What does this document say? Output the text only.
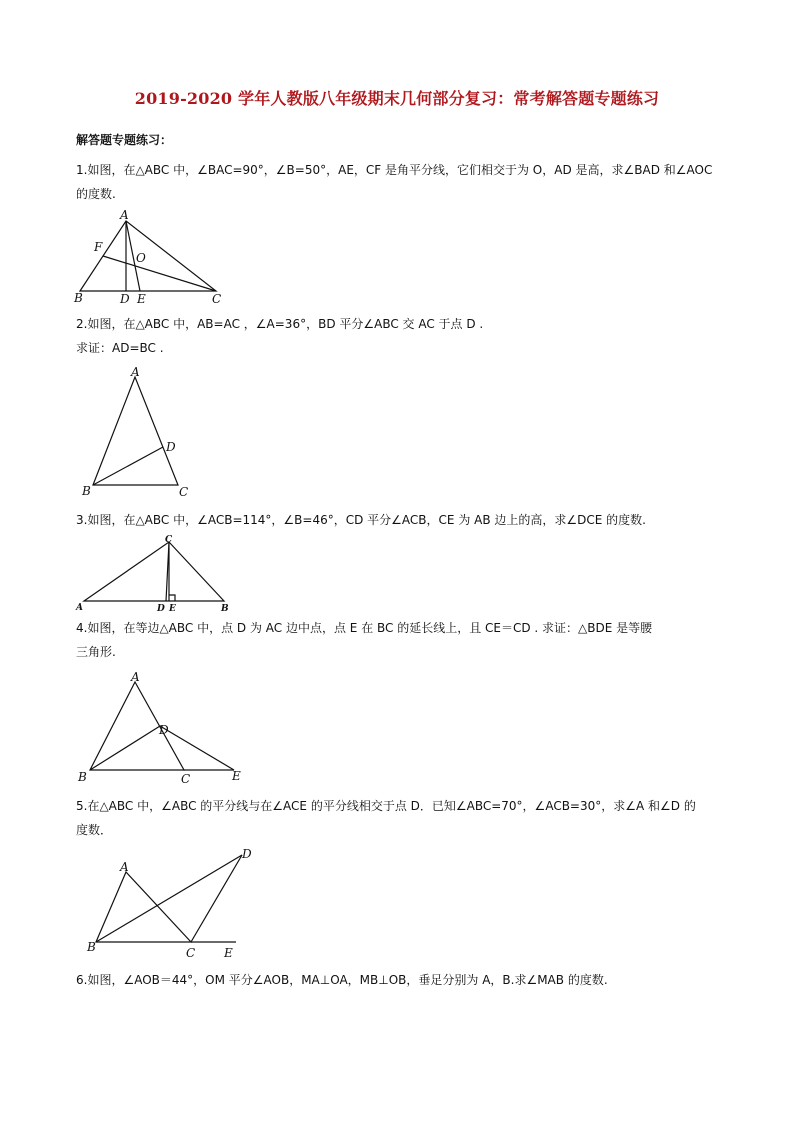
2019-2020 学年人教版八年级期末几何部分复习：常考解答题专题练习
解答题专题练习：
1.如图，在△ABC 中，∠BAC=90°，∠B=50°，AE，CF 是角平分线，它们相交于为 O，AD 是高，求∠BAD 和∠AOC
的度数.
A
B	C
D E
F
O
2.如图，在△ABC 中，AB=AC ，∠A=36°，BD 平分∠ABC 交 AC 于点 D .
求证：AD=BC .
A
B	C
D
3.如图，在△ABC 中，∠ACB=114°，∠B=46°，CD 平分∠ACB，CE 为 AB 边上的高，求∠DCE 的度数.
C
A	B
D E
4.如图，在等边△ABC 中，点 D 为 AC 边中点，点 E 在 BC 的延长线上，且 CE＝CD . 求证：△BDE 是等腰
三角形.
A
B	C
D
E
5.在△ABC 中，∠ABC 的平分线与在∠ACE 的平分线相交于点 D．已知∠ABC=70°，∠ACB=30°，求∠A 和∠D 的
度数．
A
B	C
D
E
6.如图，∠AOB＝44°，OM 平分∠AOB，MA⊥OA，MB⊥OB，垂足分别为 A，B.求∠MAB 的度数.
